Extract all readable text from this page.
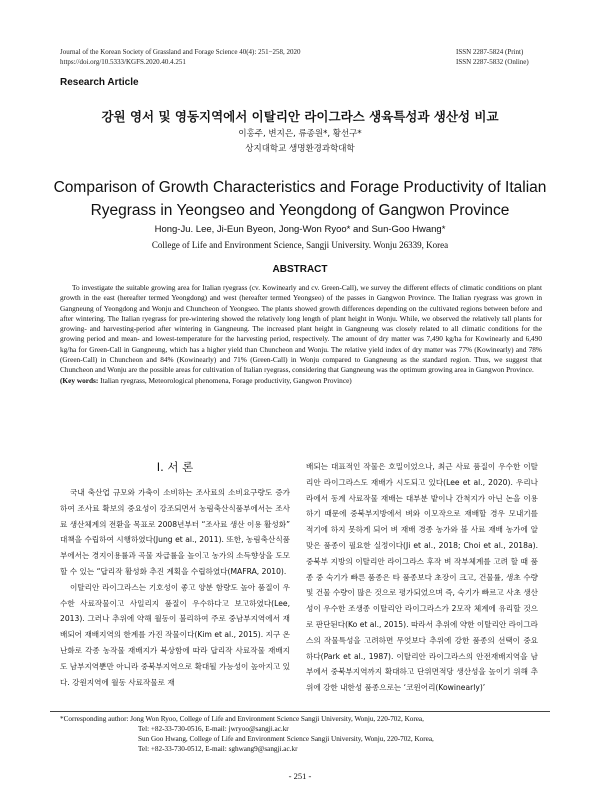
Journal of the Korean Society of Grassland and Forage Science 40(4): 251−258, 2020
https://doi.org/10.5333/KGFS.2020.40.4.251
ISSN 2287-5824 (Print)
ISSN 2287-5832 (Online)
Research Article
강원 영서 및 영동지역에서 이탈리안 라이그라스 생육특성과 생산성 비교
이홍주, 변지은, 류종원*, 황선구*
상지대학교 생명환경과학대학
Comparison of Growth Characteristics and Forage Productivity of Italian
Ryegrass in Yeongseo and Yeongdong of Gangwon Province
Hong-Ju. Lee, Ji-Eun Byeon, Jong-Won Ryoo* and Sun-Goo Hwang*
College of Life and Environment Science, Sangji University. Wonju 26339, Korea
ABSTRACT

To investigate the suitable growing area for Italian ryegrass (cv. Kowinearly and cv. Green-Call), we survey the different effects of climatic conditions on plant growth in the east (hereafter termed Yeongdong) and west (hereafter termed Yeongseo) of the passes in Gangwon Province. The Italian ryegrass was grown in Gangneung of Yeongdong and Wonju and Chuncheon of Yeongseo. The plants showed growth differences depending on the cultivated regions between before and after wintering. The Italian ryegrass for pre-wintering showed the relatively long length of plant height in Wonju. While, we observed the relatively tall plants for growing- and harvesting-period after wintering in Gangneung. The increased plant height in Gangneung was closely related to all climatic conditions for the growing period and mean- and lowest-temperature for the harvesting period, respectively. The amount of dry matter was 7,490 kg/ha for Kowinearly and 6,490 kg/ha for Green-Call in Gangneung, which has a higher yield than Chuncheon and Wonju. The relative yield index of dry matter was 77% (Kowinearly) and 78% (Green-Call) in Chuncheon and 84% (Kowinearly) and 71% (Green-Call) in Wonju compared to Gangneung as the standard region. Thus, we suggest that Chuncheon and Wonju are the possible areas for cultivation of Italian ryegrass, considering that Gangneung was the optimum growing area in Gangwon Province.

(Key words: Italian ryegrass, Meteorological phenomena, Forage productivity, Gangwon Province)
Ⅰ. 서 론

국내 축산업 규모와 가축이 소비하는 조사료의 소비요구량도 증가하여 조사료 확보의 중요성이 강조되면서 농림축산식품부에서는 조사료 생산체계의 전환을 목표로 2008년부터 “조사료 생산 이용 활성화” 대책을 수립하여 시행하였다(Jung et al., 2011). 또한, 농림축산식품부에서는 경지이용률과 곡물 자급률을 높이고 농가의 소득향상을 도모할 수 있는 “답리작 활성화 추진 계획을 수립하였다(MAFRA, 2010).

이탈리안 라이그라스는 기호성이 좋고 양분 함량도 높아 품질이 우수한 사료작물이고 사일리지 품질이 우수하다고 보고하였다(Lee, 2013). 그러나 추위에 약해 월동이 불리하여 주로 중남부지역에서 재배되어 재배지역의 한계를 가진 작물이다(Kim et al., 2015). 지구 온난화로 각종 농작물 재배지가 북상함에 따라 답리작 사료작물 재배지도 남부지역뿐만 아니라 중북부지역으로 확대될 가능성이 높아지고 있다. 강원지역에 월동 사료작물로 재

배되는 대표적인 작물은 호밀이었으나, 최근 사료 품질이 우수한 이탈리안 라이그라스도 재배가 시도되고 있다(Lee et al., 2020). 우리나라에서 동계 사료작물 재배는 대부분 밭이나 간척지가 아닌 논을 이용하기 때문에 중북부지방에서 벼와 이모작으로 재배할 경우 모내기를 적기에 하지 못하게 되어 벼 재배 경종 농가와 볼 사료 재배 농가에 알맞은 품종이 필요한 실정이다(Ji et al., 2018; Choi et al., 2018a). 중북부 지방의 이탈리안 라이그라스 후작 벼 작부체계를 고려 할 때 품종 중 숙기가 빠른 품종은 타 품종보다 초장이 크고, 건물률, 생초 수량 및 건물 수량이 많은 것으로 평가되었으며 즉, 숙기가 빠르고 사초 생산성이 우수한 조생종 이탈리안 라이그라스가 2모작 체계에 유리할 것으로 판단된다(Ko et al., 2015). 따라서 추위에 약한 이탈리안 라이그라스의 작물특성을 고려하면 무엇보다 추위에 강한 품종의 선택이 중요하다(Park et al., 1987). 이탈리안 라이그라스의 안전재배지역을 남부에서 중북부지역까지 확대하고 단위면적당 생산성을 높이기 위해 추위에 강한 내한성 품종으로는 ‘코윈어리(Kowinearly)’

*Corresponding author: Jong Won Ryoo, College of Life and Environment Science Sangji University, Wonju, 220-702, Korea,
Tel: +82-33-730-0516, E-mail: jwryoo@sangji.ac.kr
Sun Goo Hwang, College of Life and Environment Science Sangji University, Wonju, 220-702, Korea,
Tel: +82-33-730-0512, E-mail: sghwang9@sangji.ac.kr
- 251 -
